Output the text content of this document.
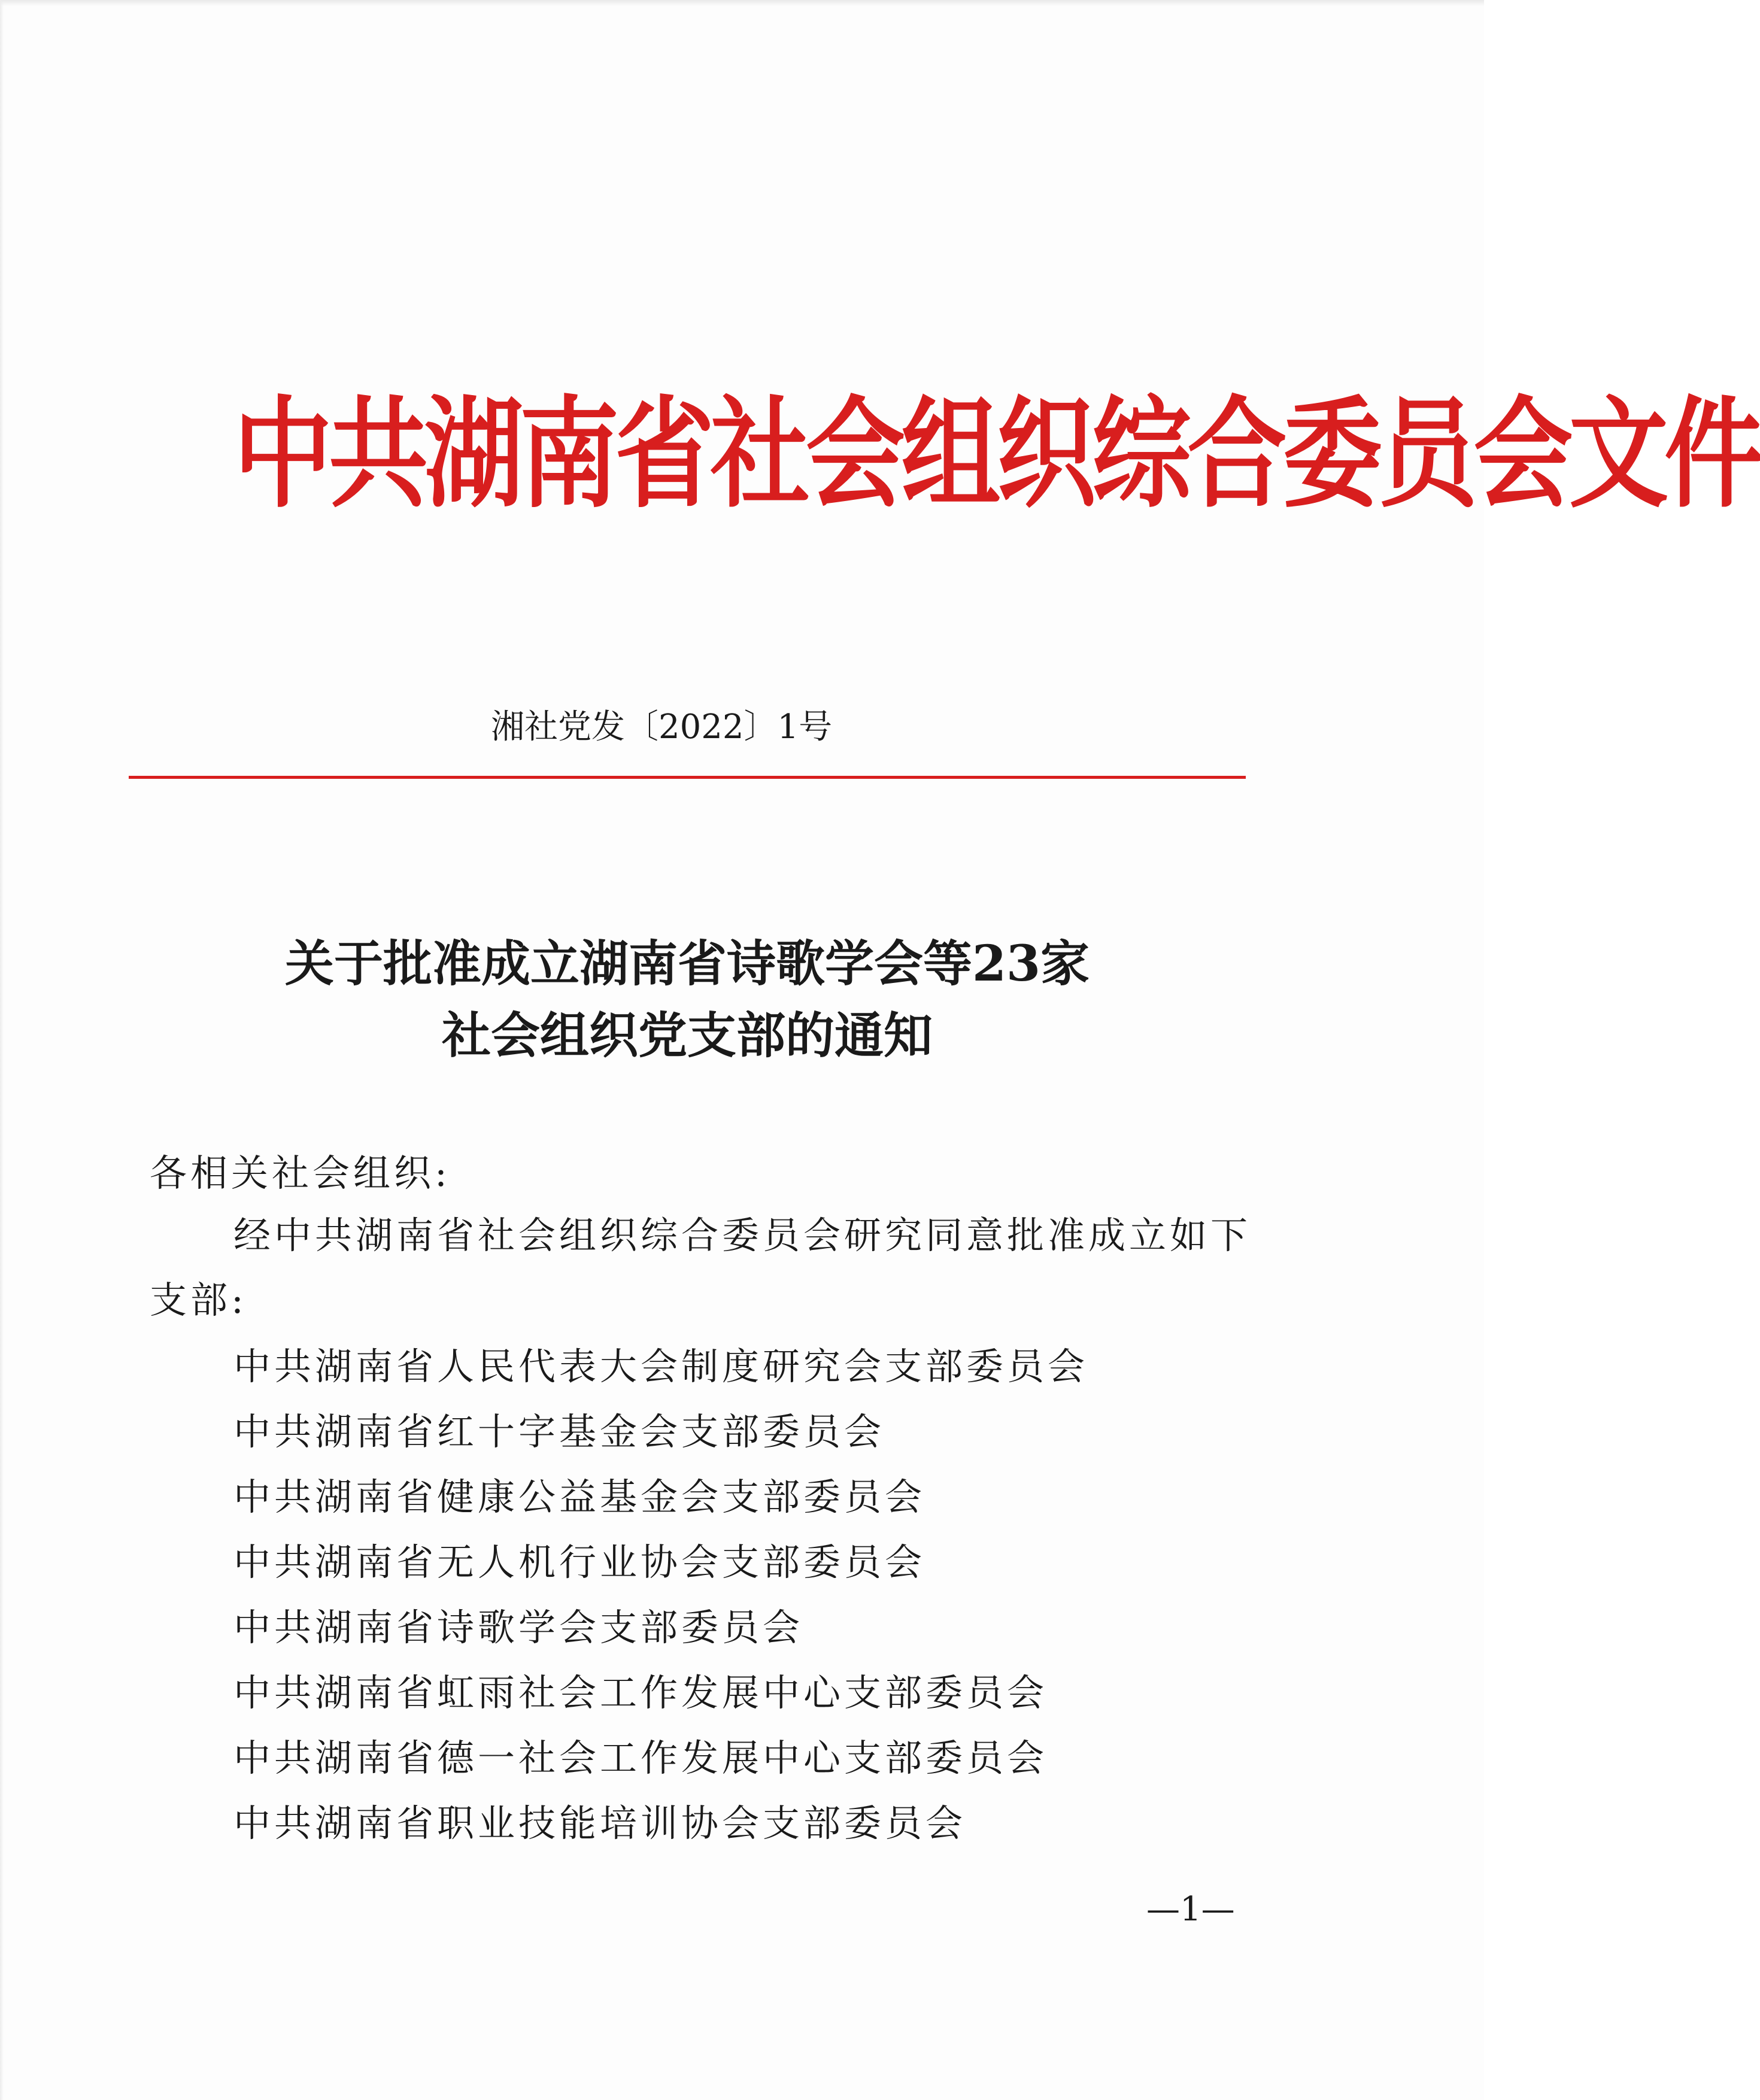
中共湖南省社会组织综合委员会文件
湘社党发〔2022〕1号
关于批准成立湖南省诗歌学会等23家
社会组织党支部的通知
各相关社会组织:
经中共湖南省社会组织综合委员会研究同意批准成立如下
支部:
中共湖南省人民代表大会制度研究会支部委员会
中共湖南省红十字基金会支部委员会
中共湖南省健康公益基金会支部委员会
中共湖南省无人机行业协会支部委员会
中共湖南省诗歌学会支部委员会
中共湖南省虹雨社会工作发展中心支部委员会
中共湖南省德一社会工作发展中心支部委员会
中共湖南省职业技能培训协会支部委员会
—1—
